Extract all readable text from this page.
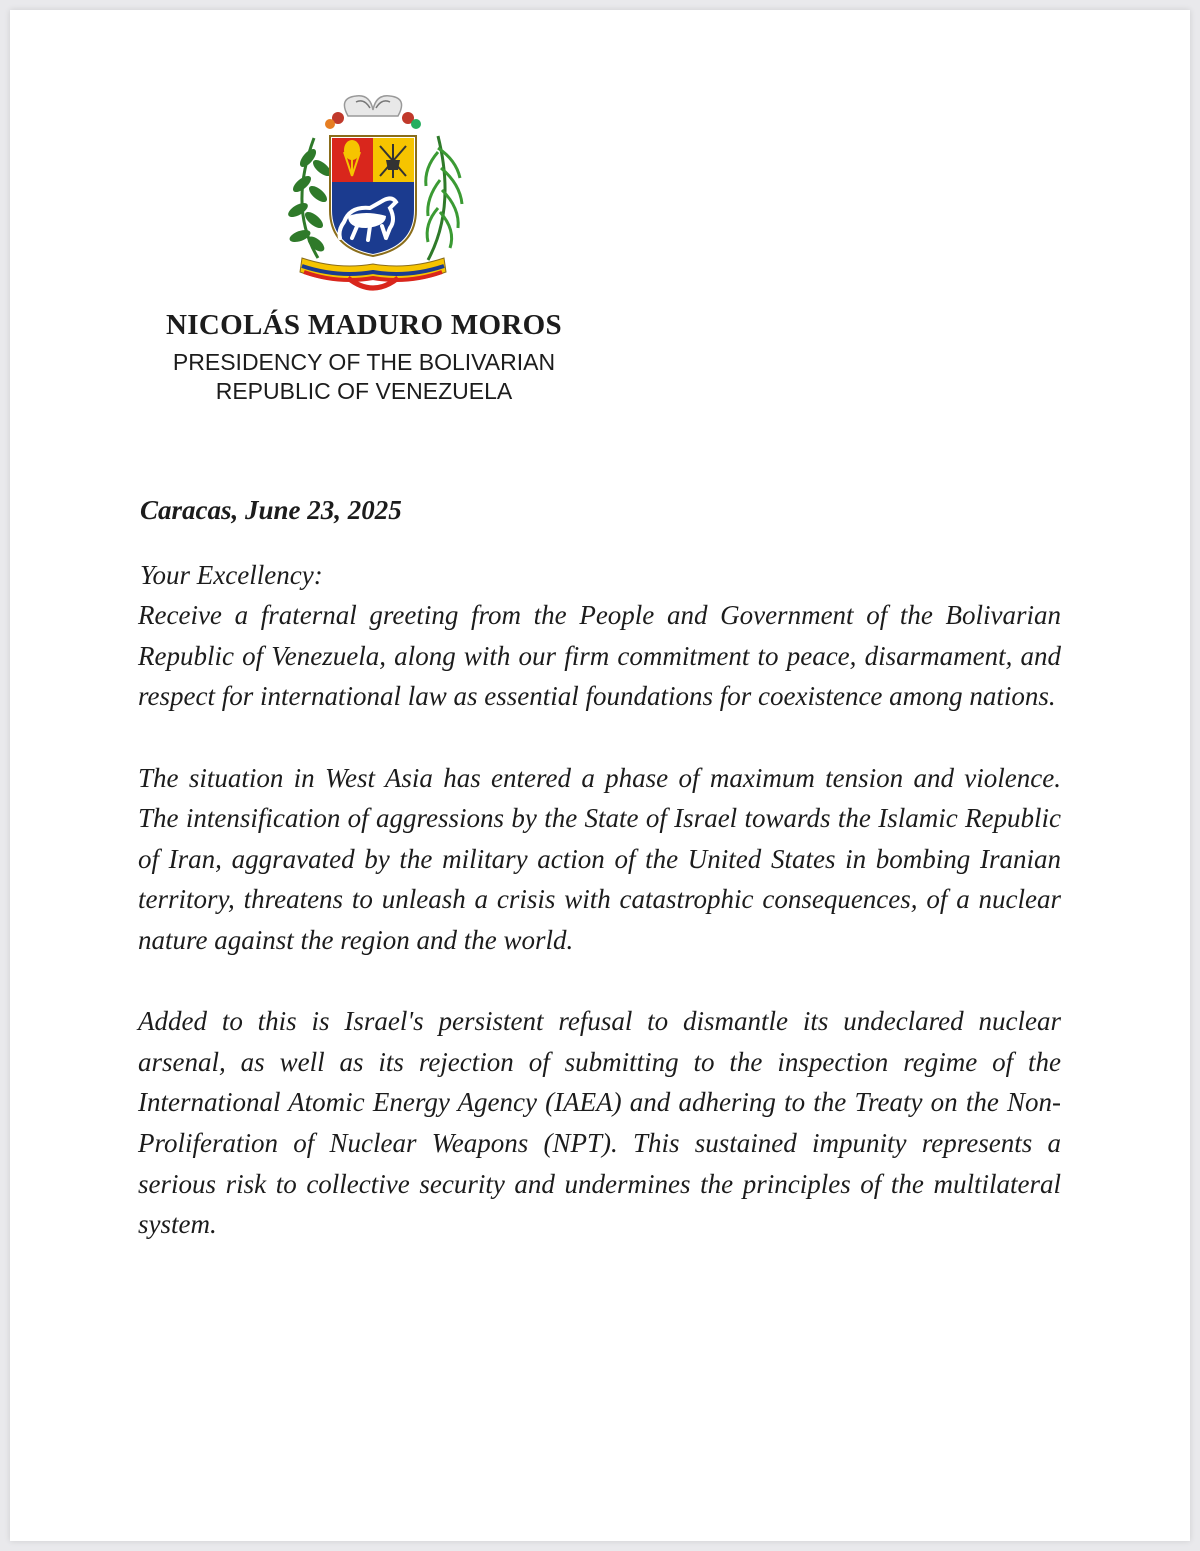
NICOLÁS MADURO MOROS

PRESIDENCY OF THE BOLIVARIAN
REPUBLIC OF VENEZUELA

Caracas, June 23, 2025

Your Excellency:

Receive a fraternal greeting from the People and Government of the Bolivarian Republic of Venezuela, along with our firm commitment to peace, disarmament, and respect for international law as essential foundations for coexistence among nations.

The situation in West Asia has entered a phase of maximum tension and violence. The intensification of aggressions by the State of Israel towards the Islamic Republic of Iran, aggravated by the military action of the United States in bombing Iranian territory, threatens to unleash a crisis with catastrophic consequences, of a nuclear nature against the region and the world.

Added to this is Israel's persistent refusal to dismantle its undeclared nuclear arsenal, as well as its rejection of submitting to the inspection regime of the International Atomic Energy Agency (IAEA) and adhering to the Treaty on the Non-Proliferation of Nuclear Weapons (NPT). This sustained impunity represents a serious risk to collective security and undermines the principles of the multilateral system.
